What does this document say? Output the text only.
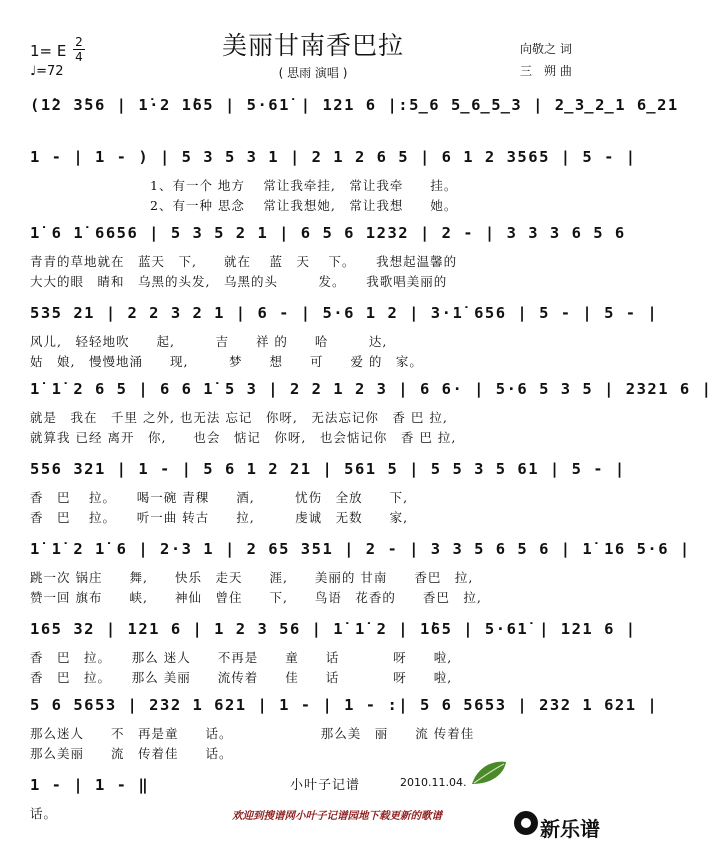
美丽甘南香巴拉
( 思雨 演唱 )
1= E 2
4
♩=72
向敬之 词
三　朔 曲
(1̇2 3̇56 | 1̇·2 1̇65 | 5·61̇ | 121 6 |:5̲6 5̲6̲5̲3 | 2̲3̲2̲1 6̲21
1 - | 1 - ) | 5 3 5 3 1 | 2 1 2 6 5 | 6 1 2 3565 | 5 - |
1、有一个 地方　 常让我牵挂,　常让我牵　　挂。
2、有一种 思念　 常让我想她,　常让我想　　她。
1̇ 6 1̇ 6656 | 5 3 5 2 1 | 6 5 6 1232 | 2 - | 3 3 3 6 5 6
青青的草地就在　蓝天　下,　　就在　 蓝　天　 下。　　我想起温馨的
大大的眼　睛和　乌黑的头发,　乌黑的头　　　发。　　我歌唱美丽的
535 21 | 2 2 3 2 1 | 6 - | 5·6 1 2 | 3·1̇ 656 | 5 - | 5 - |
风儿,　轻轻地吹　　起,　　　吉　　祥 的　　哈　　　达,
姑　娘,　慢慢地涌　　现,　　　梦　　想　　可　　爱 的　家。
1̇ 1̇ 2 6 5 | 6 6 1̇ 5 3 | 2 2 1 2 3 | 6 6· | 5·6 5 3 5 | 2321 6 |
就是　我在　千里 之外, 也无法 忘记　你呀,　无法忘记你　香 巴 拉,
就算我 已经 离开　你,　　也会　惦记　你呀,　也会惦记你　香 巴 拉,
556 321 | 1 - | 5 6 1 2 21 | 561 5 | 5 5 3 5 61 | 5 - |
香　巴　 拉。　　喝一碗 青稞　　酒,　　　忧伤　全放　　下,
香　巴　 拉。　　听一曲 转古　　拉,　　　虔诚　无数　　家,
1̇ 1̇ 2 1̇ 6 | 2·3 1 | 2 65 351 | 2 - | 3 3 5 6 5 6 | 1̇ 16 5·6 |
跳一次 锅庄　　舞,　　快乐　走天　　涯,　　美丽的 甘南　　香巴　拉,
赞一回 旗布　　峡,　　神仙　曾住　　下,　　鸟语　花香的　　香巴　拉,
165 32 | 121 6 | 1 2 3 56 | 1̇ 1̇ 2 | 1̇65 | 5·61̇ | 121 6 |
香　巴　拉。　　那么 迷人　　不再是　　童　　话　　　　呀　　啦,
香　巴　拉。　　那么 美丽　　流传着　　佳　　话　　　　呀　　啦,
5 6 5653 | 232 1 621 | 1 - | 1 - :| 5 6 5653 | 232 1 621 |
那么迷人　　不　再是童　　话。　　　　　　　那么美　丽　　流 传着佳
那么美丽　　流　传着佳　　话。
1 - | 1 - ‖
话。
小叶子记谱	2010.11.04.
欢迎到搜谱网小叶子记谱园地下载更新的歌谱
新乐谱
